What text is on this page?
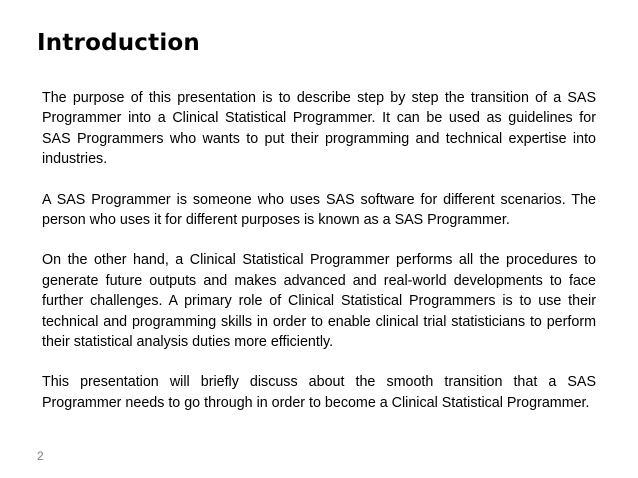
Introduction

The purpose of this presentation is to describe step by step the transition of a SAS Programmer into a Clinical Statistical Programmer. It can be used as guidelines for SAS Programmers who wants to put their programming and technical expertise into industries.

A SAS Programmer is someone who uses SAS software for different scenarios. The person who uses it for different purposes is known as a SAS Programmer.

On the other hand, a Clinical Statistical Programmer performs all the procedures to generate future outputs and makes advanced and real-world developments to face further challenges. A primary role of Clinical Statistical Programmers is to use their technical and programming skills in order to enable clinical trial statisticians to perform their statistical analysis duties more efficiently.

This presentation will briefly discuss about the smooth transition that a SAS Programmer needs to go through in order to become a Clinical Statistical Programmer.

2
